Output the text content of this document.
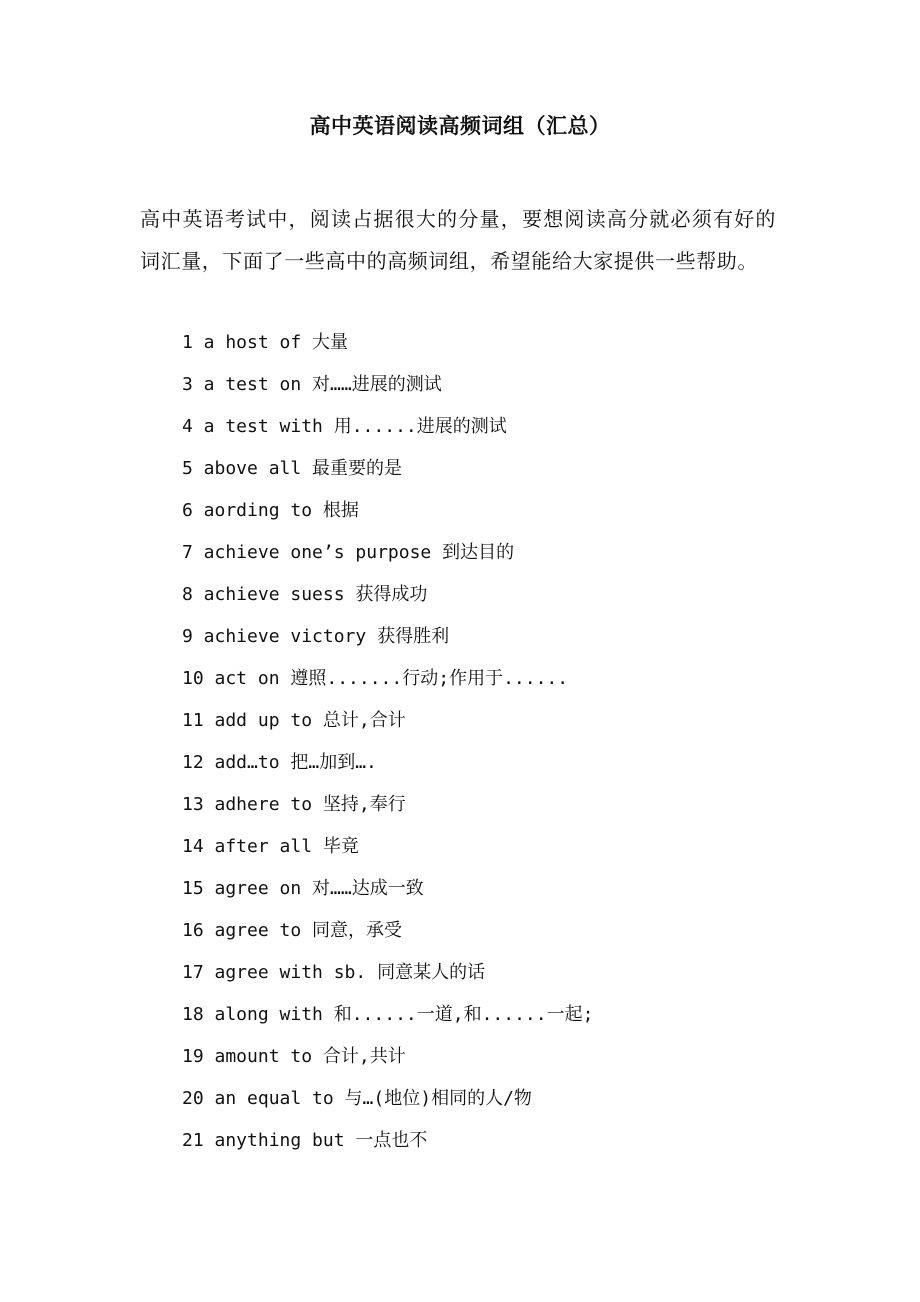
高中英语阅读高频词组（汇总）
高中英语考试中，阅读占据很大的分量，要想阅读高分就必须有好的词汇量，下面了一些高中的高频词组，希望能给大家提供一些帮助。
1 a host of 大量
3 a test on 对……进展的测试
4 a test with 用......进展的测试
5 above all 最重要的是
6 aording to 根据
7 achieve one’s purpose 到达目的
8 achieve suess 获得成功
9 achieve victory 获得胜利
10 act on 遵照.......行动;作用于......
11 add up to 总计,合计
12 add…to 把…加到….
13 adhere to 坚持,奉行
14 after all 毕竟
15 agree on 对……达成一致
16 agree to 同意，承受
17 agree with sb. 同意某人的话
18 along with 和......一道,和......一起;
19 amount to 合计,共计
20 an equal to 与…(地位)相同的人/物
21 anything but 一点也不
